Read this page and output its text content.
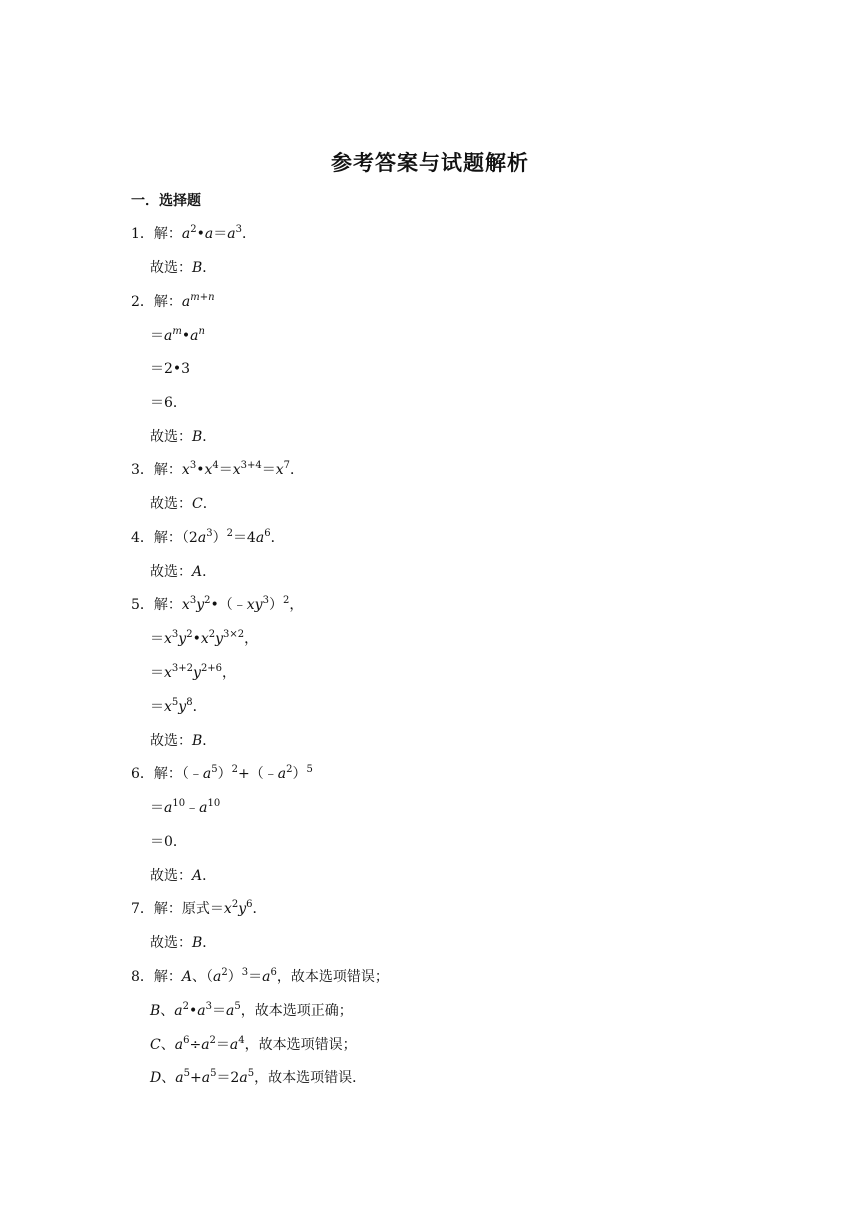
参考答案与试题解析
一．选择题
1．解：$a^2•a=a^3$．
故选：B．
2．解：$a^{m+n}$
$=a^m•a^n$
＝2•3
＝6．
故选：B．
3．解：$x^3•x^4=x^{3+4}=x^7$．
故选：C．
4．解：$(2a^3)^2=4a^6$．
故选：A．
5．解：$x^3y^2•(﹣xy^3)^2$，
$=x^3y^2•x^2y^{3\times 2}$，
$=x^{3+2}y^{2+6}$，
$=x^5y^8$．
故选：B．
6．解：$(﹣a^5)^2+(﹣a^2)^5$
$=a^{10}﹣a^{10}$
＝0．
故选：A．
7．解：原式$=x^2y^6$．
故选：B．
8．解：A、$(a^2)^3=a^6$，故本选项错误；
B、$a^2•a^3=a^5$，故本选项正确；
C、$a^6\div a^2=a^4$，故本选项错误；
D、$a^5+a^5=2a^5$，故本选项错误．
